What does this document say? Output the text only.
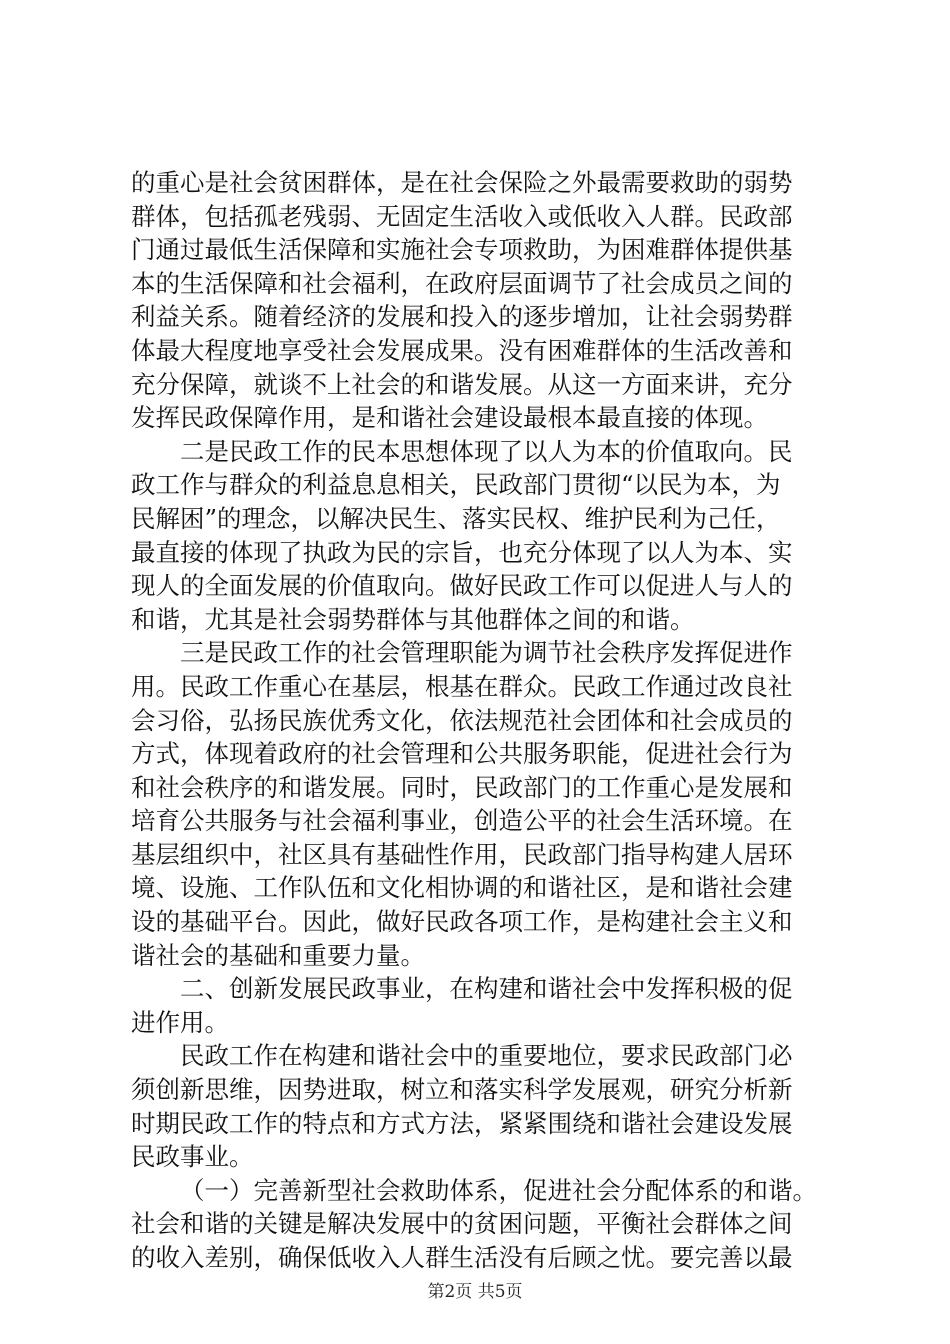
的重心是社会贫困群体，是在社会保险之外最需要救助的弱势
群体，包括孤老残弱、无固定生活收入或低收入人群。民政部
门通过最低生活保障和实施社会专项救助，为困难群体提供基
本的生活保障和社会福利，在政府层面调节了社会成员之间的
利益关系。随着经济的发展和投入的逐步增加，让社会弱势群
体最大程度地享受社会发展成果。没有困难群体的生活改善和
充分保障，就谈不上社会的和谐发展。从这一方面来讲，充分
发挥民政保障作用，是和谐社会建设最根本最直接的体现。
二是民政工作的民本思想体现了以人为本的价值取向。民
政工作与群众的利益息息相关，民政部门贯彻“以民为本，为
民解困”的理念，以解决民生、落实民权、维护民利为己任，
最直接的体现了执政为民的宗旨，也充分体现了以人为本、实
现人的全面发展的价值取向。做好民政工作可以促进人与人的
和谐，尤其是社会弱势群体与其他群体之间的和谐。
三是民政工作的社会管理职能为调节社会秩序发挥促进作
用。民政工作重心在基层，根基在群众。民政工作通过改良社
会习俗，弘扬民族优秀文化，依法规范社会团体和社会成员的
方式，体现着政府的社会管理和公共服务职能，促进社会行为
和社会秩序的和谐发展。同时，民政部门的工作重心是发展和
培育公共服务与社会福利事业，创造公平的社会生活环境。在
基层组织中，社区具有基础性作用，民政部门指导构建人居环
境、设施、工作队伍和文化相协调的和谐社区，是和谐社会建
设的基础平台。因此，做好民政各项工作，是构建社会主义和
谐社会的基础和重要力量。
二、创新发展民政事业，在构建和谐社会中发挥积极的促
进作用。
民政工作在构建和谐社会中的重要地位，要求民政部门必
须创新思维，因势进取，树立和落实科学发展观，研究分析新
时期民政工作的特点和方式方法，紧紧围绕和谐社会建设发展
民政事业。
（一）完善新型社会救助体系，促进社会分配体系的和谐。
社会和谐的关键是解决发展中的贫困问题，平衡社会群体之间
的收入差别，确保低收入人群生活没有后顾之忧。要完善以最
第2页 共5页
